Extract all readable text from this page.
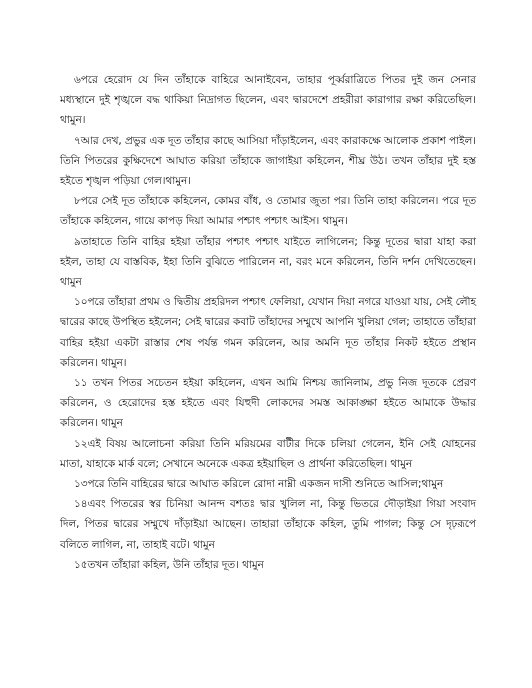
৬পরে হেরোদ যে দিন তাঁহাকে বাহিরে আনাইবেন, তাহার পূর্ব্বরাত্রিতে পিতর দুই জন সেনার মধ্যস্থানে দুই শৃঙ্খলে বদ্ধ থাকিয়া নিদ্রাগত ছিলেন, এবং দ্বারদেশে প্রহরীরা কারাগার রক্ষা করিতেছিল। থামুন।

৭আর দেখ, প্রভুর এক দূত তাঁহার কাছে আসিয়া দাঁড়াইলেন, এবং কারাকক্ষে আলোক প্রকাশ পাইল। তিনি পিতরের কুক্ষিদেশে আঘাত করিয়া তাঁহাকে জাগাইয়া কহিলেন, শীঘ্র উঠ। তখন তাঁহার দুই হস্ত হইতে শৃঙ্খল পড়িয়া গেল।থামুন।

৮পরে সেই দূত তাঁহাকে কহিলেন, কোমর বাঁধ, ও তোমার জুতা পর। তিনি তাহা করিলেন। পরে দূত তাঁহাকে কহিলেন, গায়ে কাপড় দিয়া আমার পশ্চাৎ পশ্চাৎ আইস। থামুন।

৯তাহাতে তিনি বাহির হইয়া তাঁহার পশ্চাৎ পশ্চাৎ যাইতে লাগিলেন; কিন্তু দূতের দ্বারা যাহা করা হইল, তাহা যে বাস্তবিক, ইহা তিনি বুঝিতে পারিলেন না, বরং মনে করিলেন, তিনি দর্শন দেখিতেছেন। থামুন

১০পরে তাঁহারা প্রথম ও দ্বিতীয় প্রহরিদল পশ্চাৎ ফেলিয়া, যেখান দিয়া নগরে যাওয়া যায়, সেই লৌহ দ্বারের কাছে উপস্থিত হইলেন; সেই দ্বারের কবাট তাঁহাদের সম্মুখে আপনি খুলিয়া গেল; তাহাতে তাঁহারা বাহির হইয়া একটা রাস্তার শেষ পর্যন্ত গমন করিলেন, আর অমনি দূত তাঁহার নিকট হইতে প্রস্থান করিলেন। থামুন।

১১ তখন পিতর সচেতন হইয়া কহিলেন, এখন আমি নিশ্চয় জানিলাম, প্রভু নিজ দূতকে প্রেরণ করিলেন, ও হেরোদের হস্ত হইতে এবং যিহুদী লোকদের সমস্ত আকাঙ্ক্ষা হইতে আমাকে উদ্ধার করিলেন। থামুন

১২এই বিষয় আলোচনা করিয়া তিনি মরিয়মের বাটীর দিকে চলিয়া গেলেন, ইনি সেই যোহনের মাতা, যাহাকে মার্ক বলে; সেখানে অনেকে একত্র হইয়াছিল ও প্রার্থনা করিতেছিল। থামুন

১৩পরে তিনি বাহিরের দ্বারে আঘাত করিলে রোদা নাম্নী একজন দাসী শুনিতে আসিল;থামুন

১৪এবং পিতরের স্বর চিনিয়া আনন্দ বশতঃ দ্বার খুলিল না, কিন্তু ভিতরে দৌড়াইয়া গিয়া সংবাদ দিল, পিতর দ্বারের সম্মুখে দাঁড়াইয়া আছেন। তাহারা তাঁহাকে কহিল, তুমি পাগল; কিন্তু সে দৃঢ়রূপে বলিতে লাগিল, না, তাহাই বটে। থামুন

১৫তখন তাঁহারা কহিল, উনি তাঁহার দূত। থামুন
